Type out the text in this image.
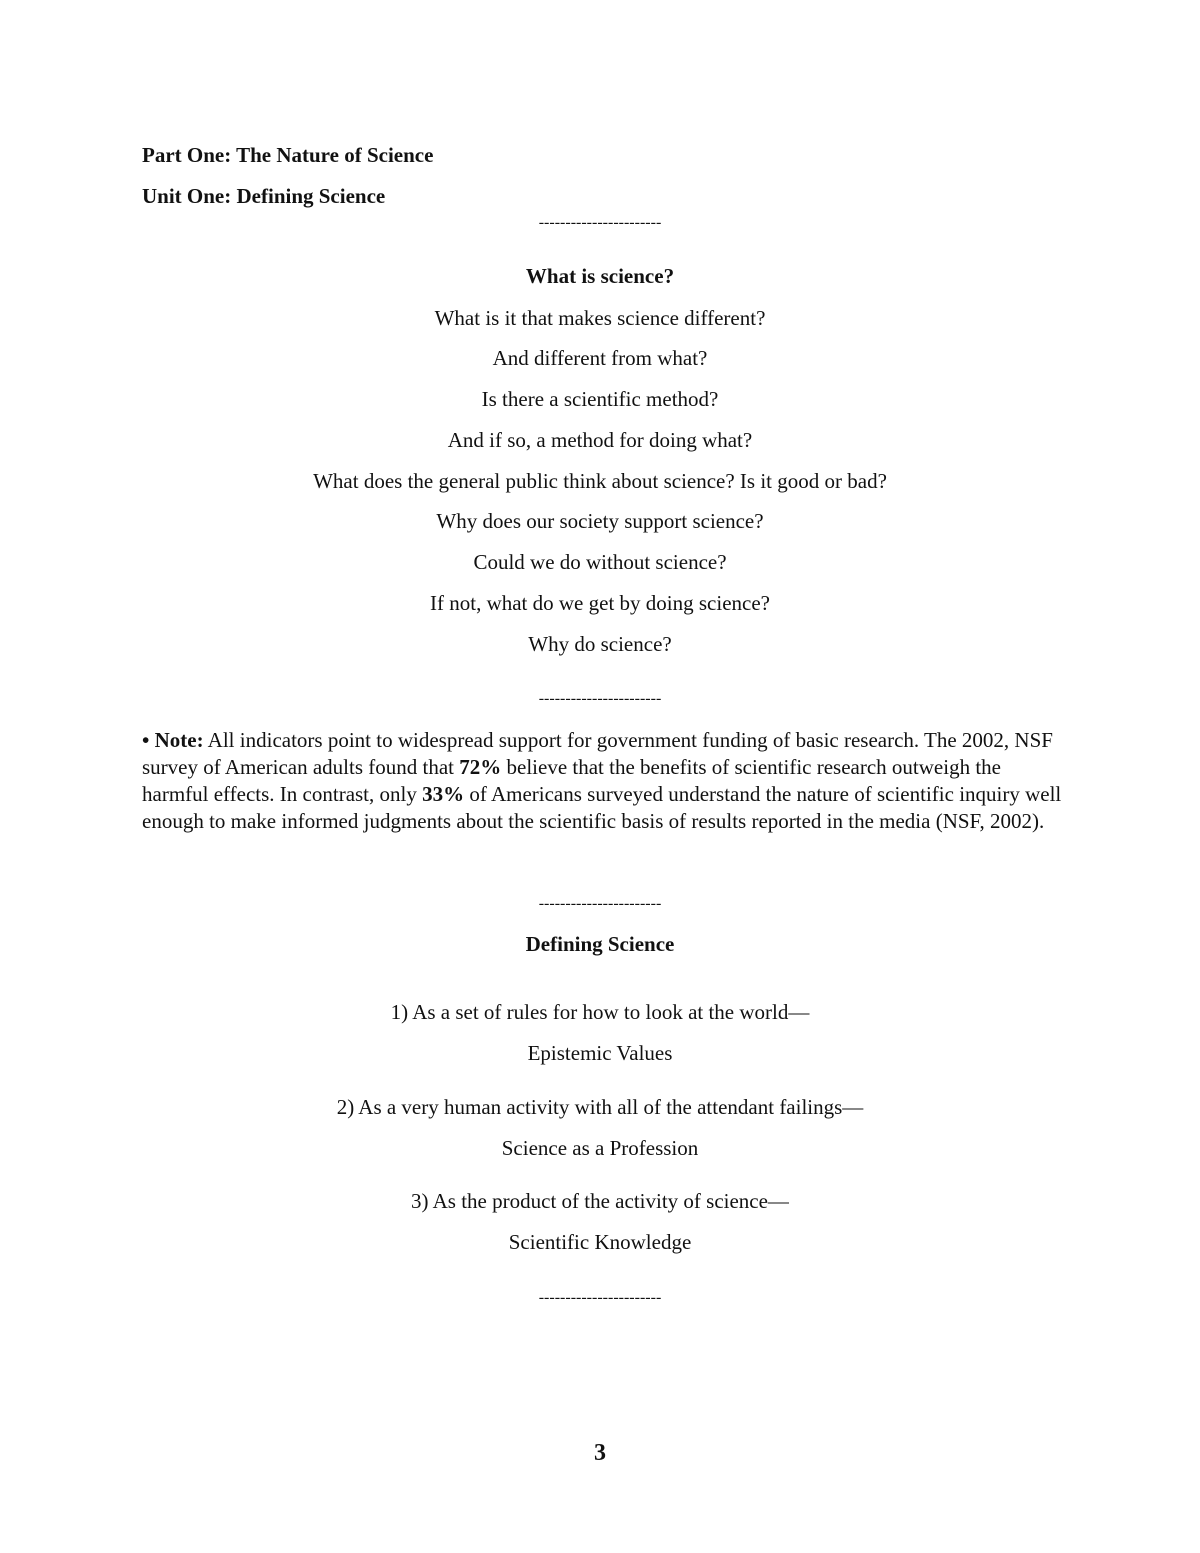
Part One: The Nature of Science
Unit One: Defining Science
-----------------------
What is science?
What is it that makes science different?
And different from what?
Is there a scientific method?
And if so, a method for doing what?
What does the general public think about science? Is it good or bad?
Why does our society support science?
Could we do without science?
If not, what do we get by doing science?
Why do science?
-----------------------
• Note: All indicators point to widespread support for government funding of basic research. The 2002, NSF survey of American adults found that 72% believe that the benefits of scientific research outweigh the harmful effects. In contrast, only 33% of Americans surveyed understand the nature of scientific inquiry well enough to make informed judgments about the scientific basis of results reported in the media (NSF, 2002).
-----------------------
Defining Science
1) As a set of rules for how to look at the world—
Epistemic Values
2) As a very human activity with all of the attendant failings—
Science as a Profession
3) As the product of the activity of science—
Scientific Knowledge
-----------------------
3
